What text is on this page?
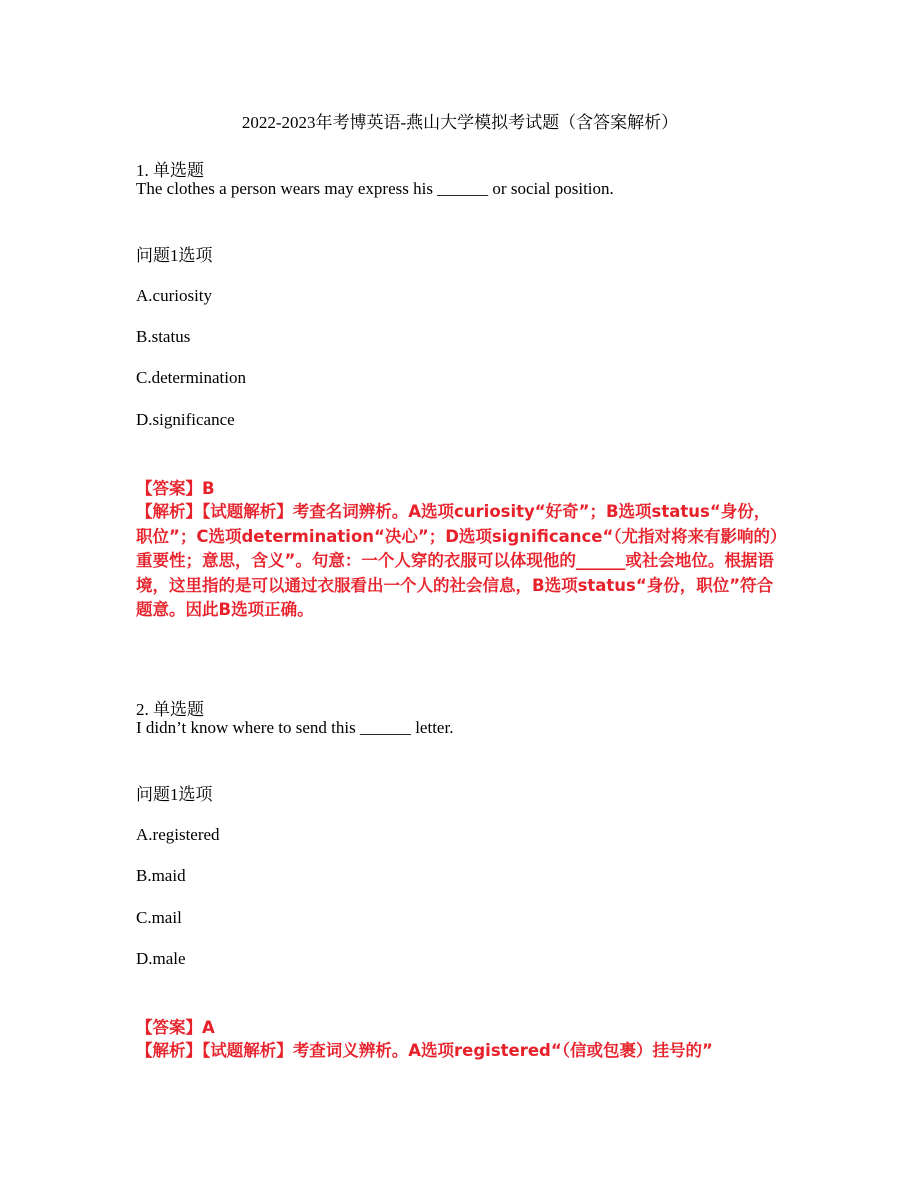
2022-2023年考博英语-燕山大学模拟考试题（含答案解析）
1. 单选题
The clothes a person wears may express his ______ or social position.
问题1选项
A.curiosity
B.status
C.determination
D.significance
【答案】B
【解析】【试题解析】考查名词辨析。A选项curiosity“好奇”；B选项status“身份，职位”；C选项determination“决心”；D选项significance“（尤指对将来有影响的）重要性；意思，含义”。句意：一个人穿的衣服可以体现他的______或社会地位。根据语境，这里指的是可以通过衣服看出一个人的社会信息，B选项status“身份，职位”符合题意。因此B选项正确。
2. 单选题
I didn’t know where to send this ______ letter.
问题1选项
A.registered
B.maid
C.mail
D.male
【答案】A
【解析】【试题解析】考查词义辨析。A选项registered“（信或包裹）挂号的”
